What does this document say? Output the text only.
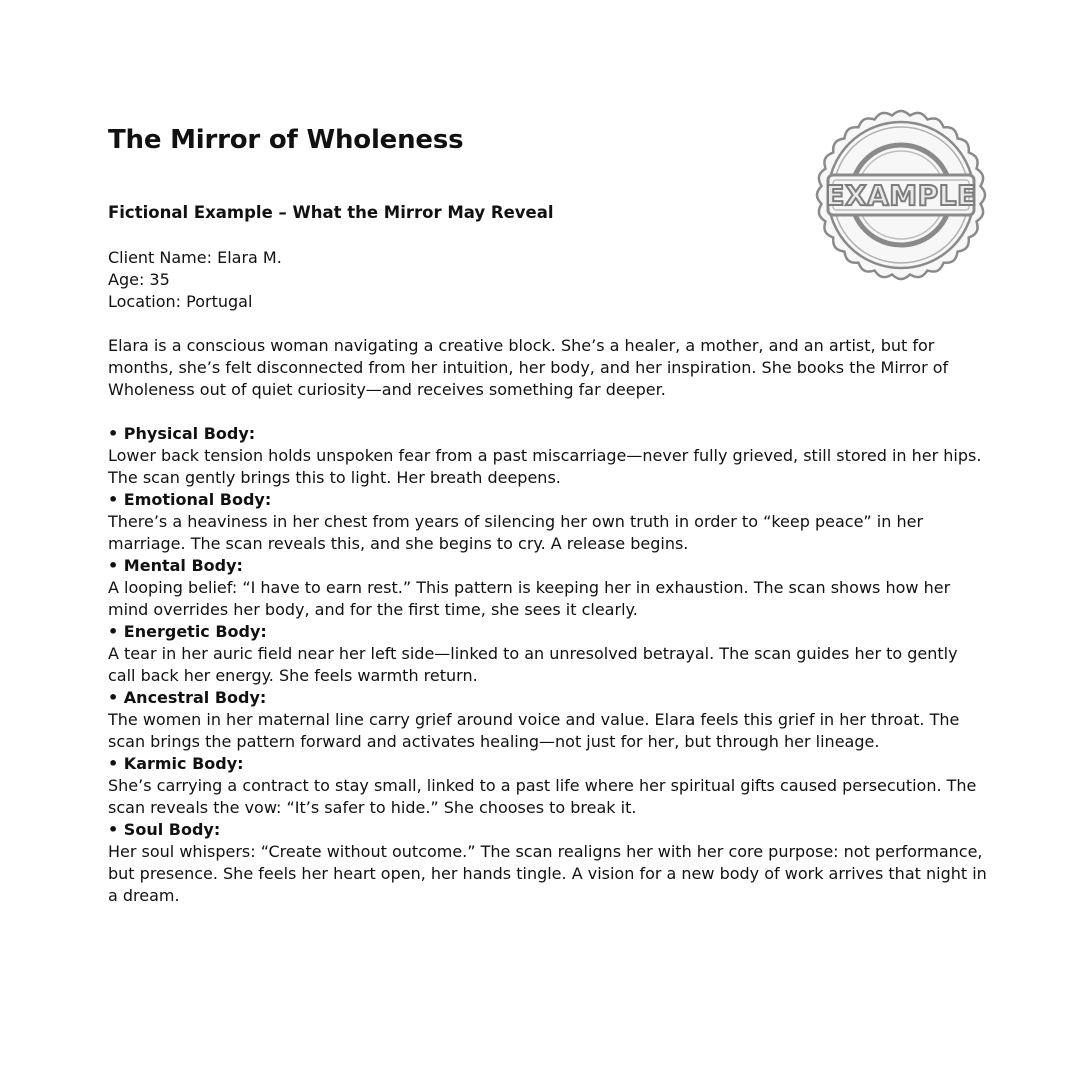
EXAMPLE
The Mirror of Wholeness
Fictional Example – What the Mirror May Reveal
Client Name: Elara M.
Age: 35
Location: Portugal
Elara is a conscious woman navigating a creative block. She’s a healer, a mother, and an artist, but for months, she’s felt disconnected from her intuition, her body, and her inspiration. She books the Mirror of Wholeness out of quiet curiosity—and receives something far deeper.
• Physical Body:
Lower back tension holds unspoken fear from a past miscarriage—never fully grieved, still stored in her hips. The scan gently brings this to light. Her breath deepens.
• Emotional Body:
There’s a heaviness in her chest from years of silencing her own truth in order to “keep peace” in her marriage. The scan reveals this, and she begins to cry. A release begins.
• Mental Body:
A looping belief: “I have to earn rest.” This pattern is keeping her in exhaustion. The scan shows how her mind overrides her body, and for the first time, she sees it clearly.
• Energetic Body:
A tear in her auric field near her left side—linked to an unresolved betrayal. The scan guides her to gently call back her energy. She feels warmth return.
• Ancestral Body:
The women in her maternal line carry grief around voice and value. Elara feels this grief in her throat. The scan brings the pattern forward and activates healing—not just for her, but through her lineage.
• Karmic Body:
She’s carrying a contract to stay small, linked to a past life where her spiritual gifts caused persecution. The scan reveals the vow: “It’s safer to hide.” She chooses to break it.
• Soul Body:
Her soul whispers: “Create without outcome.” The scan realigns her with her core purpose: not performance, but presence. She feels her heart open, her hands tingle. A vision for a new body of work arrives that night in a dream.
